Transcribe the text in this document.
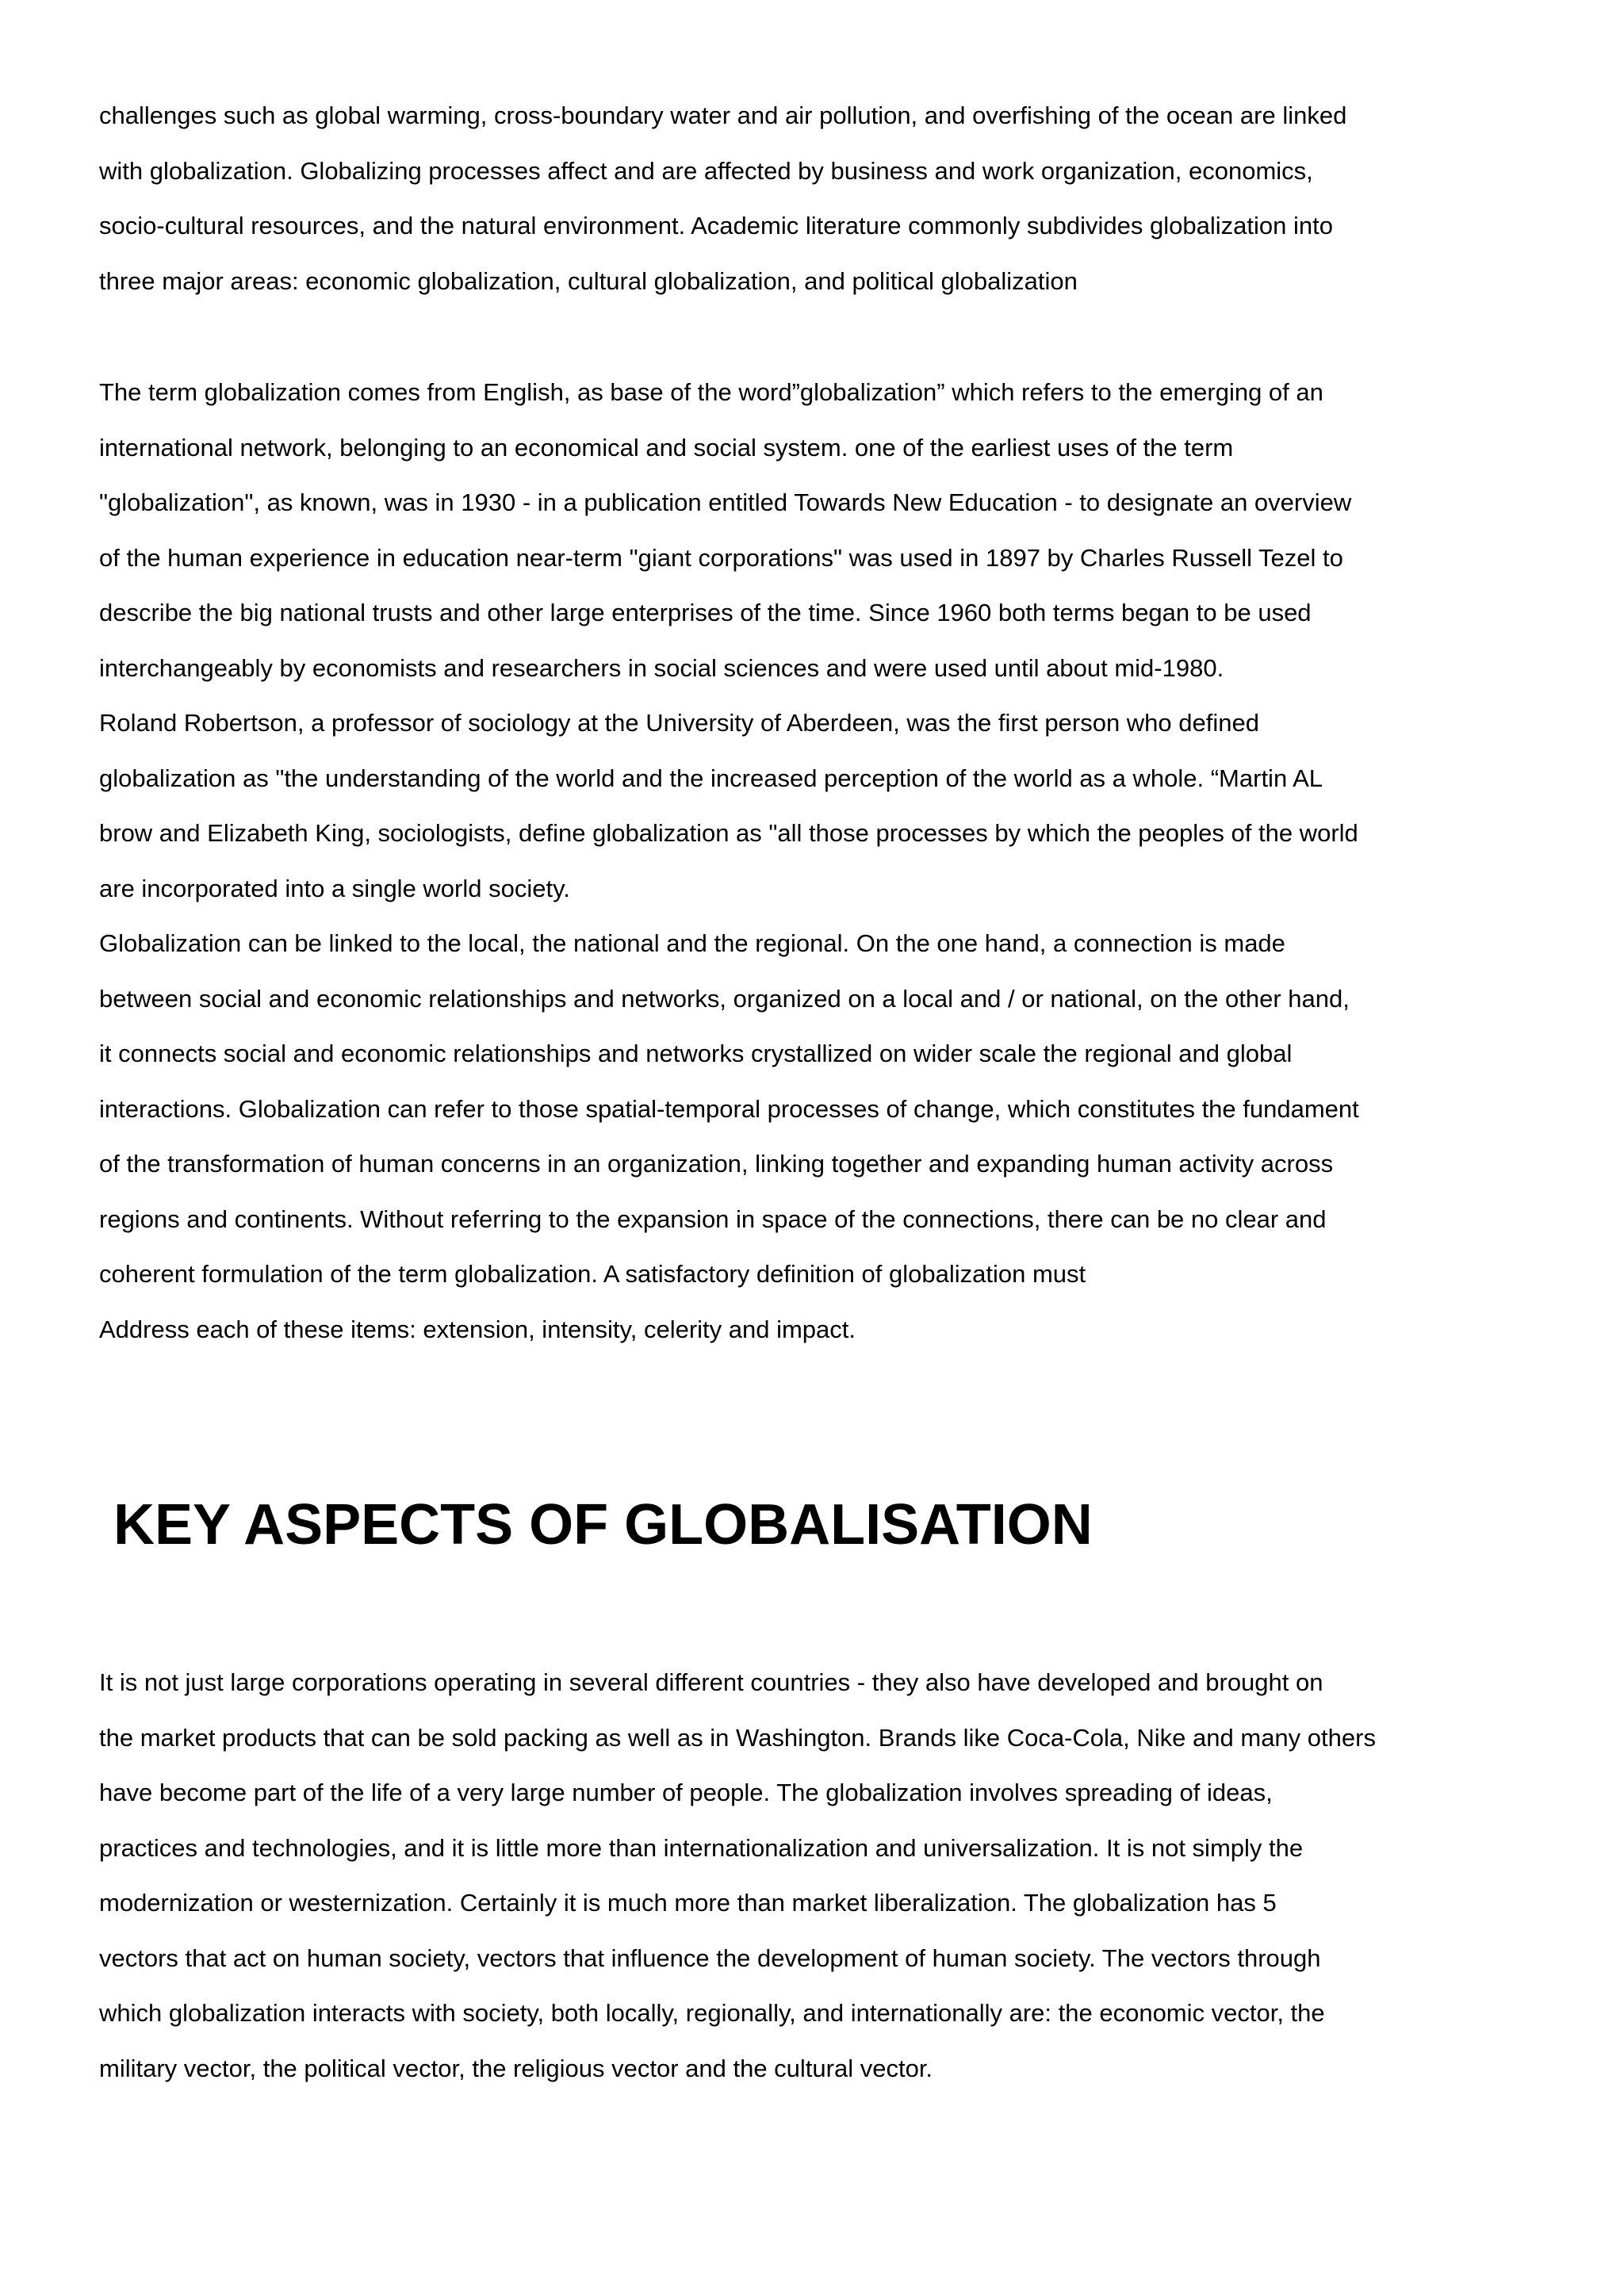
challenges such as global warming, cross-boundary water and air pollution, and overfishing of the ocean are linked
with globalization. Globalizing processes affect and are affected by business and work organization, economics,
socio-cultural resources, and the natural environment. Academic literature commonly subdivides globalization into
three major areas: economic globalization, cultural globalization, and political globalization
The term globalization comes from English, as base of the word”globalization” which refers to the emerging of an
international network, belonging to an economical and social system. one of the earliest uses of the term
"globalization", as known, was in 1930 - in a publication entitled Towards New Education - to designate an overview
of the human experience in education near-term "giant corporations" was used in 1897 by Charles Russell Tezel to
describe the big national trusts and other large enterprises of the time. Since 1960 both terms began to be used
interchangeably by economists and researchers in social sciences and were used until about mid-1980.
Roland Robertson, a professor of sociology at the University of Aberdeen, was the first person who defined
globalization as "the understanding of the world and the increased perception of the world as a whole. “Martin AL
brow and Elizabeth King, sociologists, define globalization as "all those processes by which the peoples of the world
are incorporated into a single world society.
Globalization can be linked to the local, the national and the regional. On the one hand, a connection is made
between social and economic relationships and networks, organized on a local and / or national, on the other hand,
it connects social and economic relationships and networks crystallized on wider scale the regional and global
interactions. Globalization can refer to those spatial-temporal processes of change, which constitutes the fundament
of the transformation of human concerns in an organization, linking together and expanding human activity across
regions and continents. Without referring to the expansion in space of the connections, there can be no clear and
coherent formulation of the term globalization. A satisfactory definition of globalization must
Address each of these items: extension, intensity, celerity and impact.
KEY ASPECTS OF GLOBALISATION
It is not just large corporations operating in several different countries - they also have developed and brought on
the market products that can be sold packing as well as in Washington. Brands like Coca-Cola, Nike and many others
have become part of the life of a very large number of people. The globalization involves spreading of ideas,
practices and technologies, and it is little more than internationalization and universalization. It is not simply the
modernization or westernization. Certainly it is much more than market liberalization. The globalization has 5
vectors that act on human society, vectors that influence the development of human society. The vectors through
which globalization interacts with society, both locally, regionally, and internationally are: the economic vector, the
military vector, the political vector, the religious vector and the cultural vector.
